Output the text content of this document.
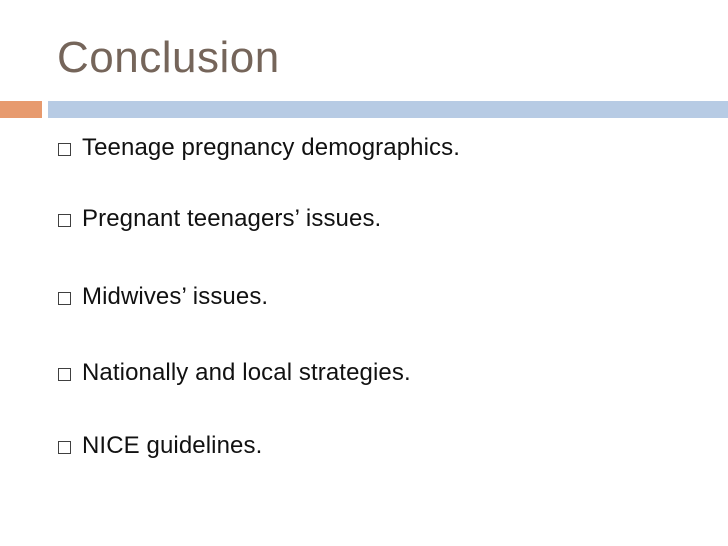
Conclusion
Teenage pregnancy demographics.
Pregnant teenagers’ issues.
Midwives’ issues.
Nationally and local strategies.
NICE guidelines.
